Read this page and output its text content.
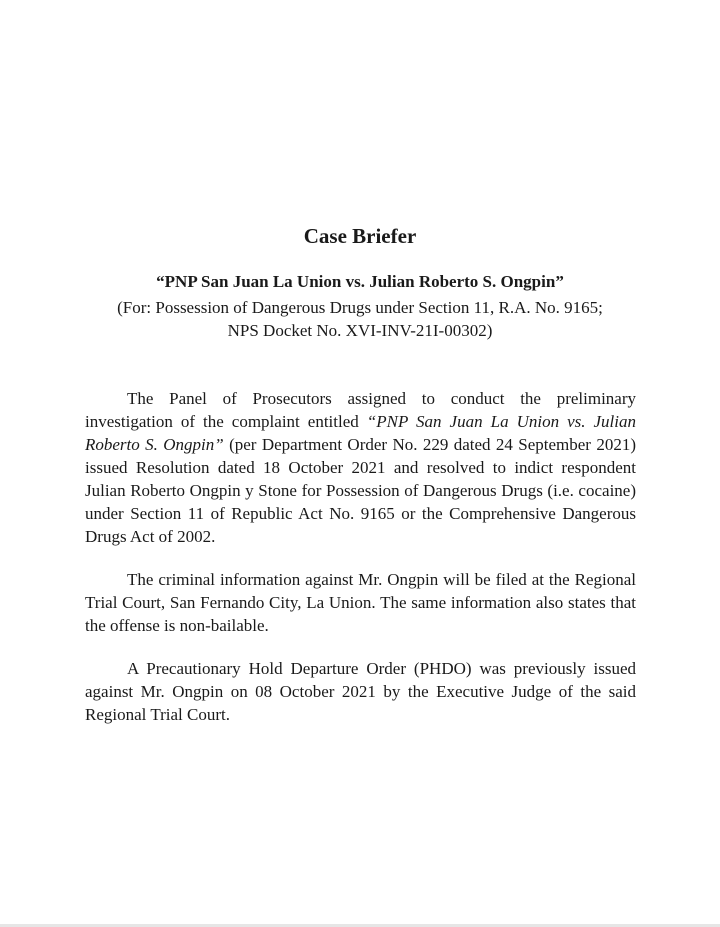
Case Briefer

“PNP San Juan La Union vs. Julian Roberto S. Ongpin”

(For: Possession of Dangerous Drugs under Section 11, R.A. No. 9165;
NPS Docket No. XVI-INV-21I-00302)

The Panel of Prosecutors assigned to conduct the preliminary investigation of the complaint entitled “PNP San Juan La Union vs. Julian Roberto S. Ongpin” (per Department Order No. 229 dated 24 September 2021) issued Resolution dated 18 October 2021 and resolved to indict respondent Julian Roberto Ongpin y Stone for Possession of Dangerous Drugs (i.e. cocaine) under Section 11 of Republic Act No. 9165 or the Comprehensive Dangerous Drugs Act of 2002.

The criminal information against Mr. Ongpin will be filed at the Regional Trial Court, San Fernando City, La Union. The same information also states that the offense is non-bailable.

A Precautionary Hold Departure Order (PHDO) was previously issued against Mr. Ongpin on 08 October 2021 by the Executive Judge of the said Regional Trial Court.
